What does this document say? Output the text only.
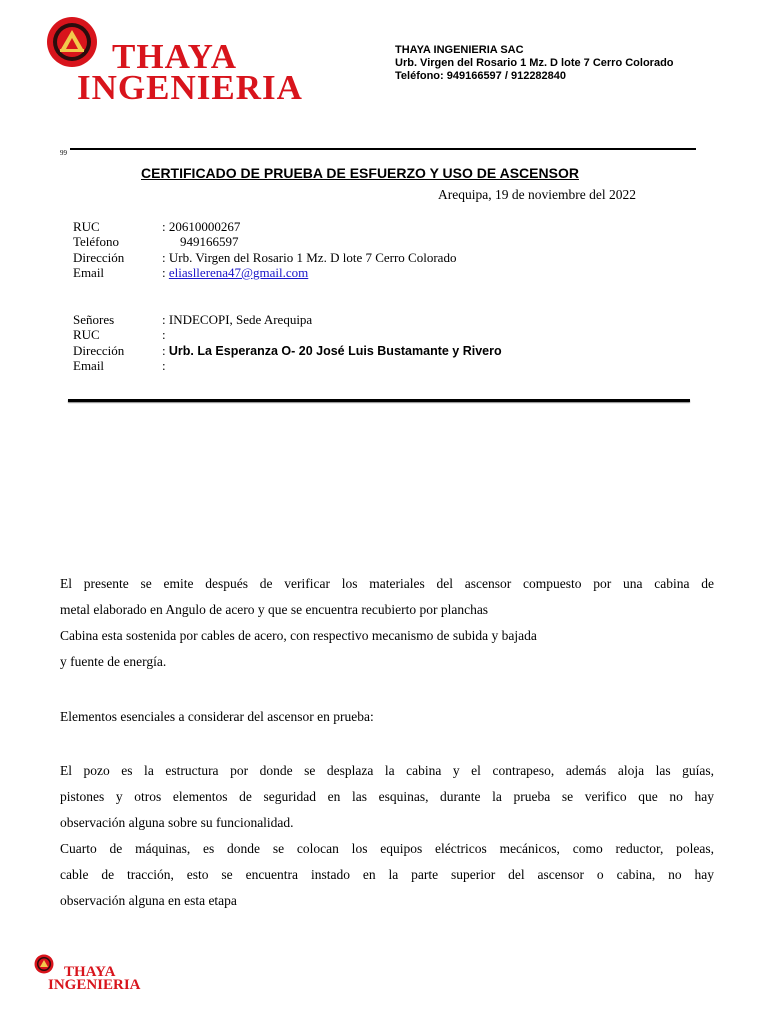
THAYA
INGENIERIA
THAYA INGENIERIA SAC
Urb. Virgen del Rosario 1 Mz. D lote 7 Cerro Colorado
Teléfono: 949166597 / 912282840
99
CERTIFICADO DE PRUEBA DE ESFUERZO Y USO DE ASCENSOR
Arequipa, 19 de noviembre del 2022
RUC	: 20610000267
Teléfono	949166597
Dirección	: Urb. Virgen del Rosario 1 Mz. D lote 7 Cerro Colorado
Email	: eliasllerena47@gmail.com
Señores	: INDECOPI, Sede Arequipa
RUC	:
Dirección	: Urb. La Esperanza O- 20 José Luis Bustamante y Rivero
Email	:
El presente se emite después de verificar los materiales del ascensor compuesto por una cabina de
metal elaborado en Angulo de acero y que se encuentra recubierto por planchas
Cabina esta sostenida por cables de acero, con respectivo mecanismo de subida y bajada
y fuente de energía.
Elementos esenciales a considerar del ascensor en prueba:
El pozo es la estructura por donde se desplaza la cabina y el contrapeso, además aloja las guías,
pistones y otros elementos de seguridad en las esquinas, durante la prueba se verifico que no hay
observación alguna sobre su funcionalidad.
Cuarto de máquinas, es donde se colocan los equipos eléctricos mecánicos, como reductor, poleas,
cable de tracción, esto se encuentra instado en la parte superior del ascensor o cabina, no hay
observación alguna en esta etapa
THAYA
INGENIERIA
